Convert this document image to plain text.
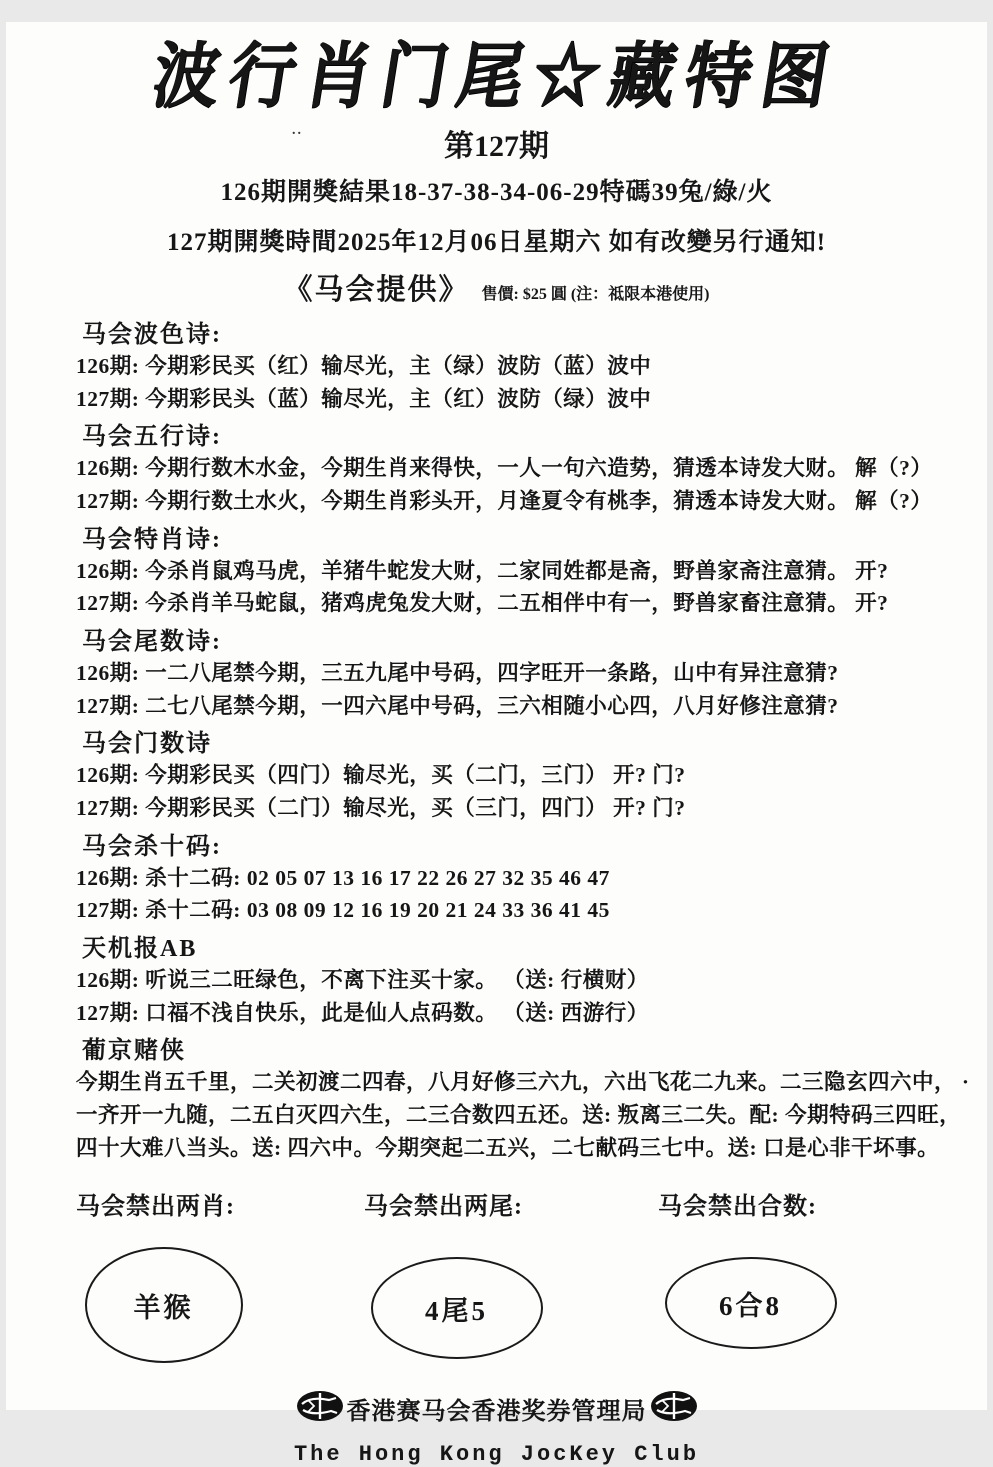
波行肖门尾☆藏特图
..	第127期
126期開獎結果18-37-38-34-06-29特碼39兔/綠/火
127期開獎時間2025年12月06日星期六 如有改變另行通知!
《马会提供》 售價: $25 圓 (注：祗限本港使用)
马会波色诗:
126期: 今期彩民买（红）输尽光，主（绿）波防（蓝）波中
127期: 今期彩民头（蓝）输尽光，主（红）波防（绿）波中
马会五行诗:
126期: 今期行数木水金，今期生肖来得快，一人一句六造势，猜透本诗发大财。 解（?）
127期: 今期行数土水火，今期生肖彩头开，月逢夏令有桃李，猜透本诗发大财。 解（?）
马会特肖诗:
126期: 今杀肖鼠鸡马虎，羊猪牛蛇发大财，二家同姓都是斋，野兽家斋注意猜。 开?
127期: 今杀肖羊马蛇鼠，猪鸡虎兔发大财，二五相伴中有一，野兽家畜注意猜。 开?
马会尾数诗:
126期: 一二八尾禁今期，三五九尾中号码，四字旺开一条路，山中有异注意猜?
127期: 二七八尾禁今期，一四六尾中号码，三六相随小心四，八月好修注意猜?
马会门数诗
126期: 今期彩民买（四门）输尽光，买（二门，三门） 开? 门?
127期: 今期彩民买（二门）输尽光，买（三门，四门） 开? 门?
马会杀十码:
126期: 杀十二码: 02 05 07 13 16 17 22 26 27 32 35 46 47
127期: 杀十二码: 03 08 09 12 16 19 20 21 24 33 36 41 45
天机报AB
126期: 听说三二旺绿色，不离下注买十家。 （送: 行横财）
127期: 口福不浅自快乐，此是仙人点码数。 （送: 西游行）
葡京赌侠
今期生肖五千里，二关初渡二四春，八月好修三六九，六出飞花二九来。二三隐玄四六中， ·
一齐开一九随，二五白灭四六生，二三合数四五还。送: 叛离三二失。配: 今期特码三四旺，
四十大难八当头。送: 四六中。今期突起二五兴，二七献码三七中。送: 口是心非干坏事。
马会禁出两肖:
羊猴
马会禁出两尾:
4尾5
马会禁出合数:
6合8
香港赛马会香港奖券管理局
The Hong Kong JocKey Club
